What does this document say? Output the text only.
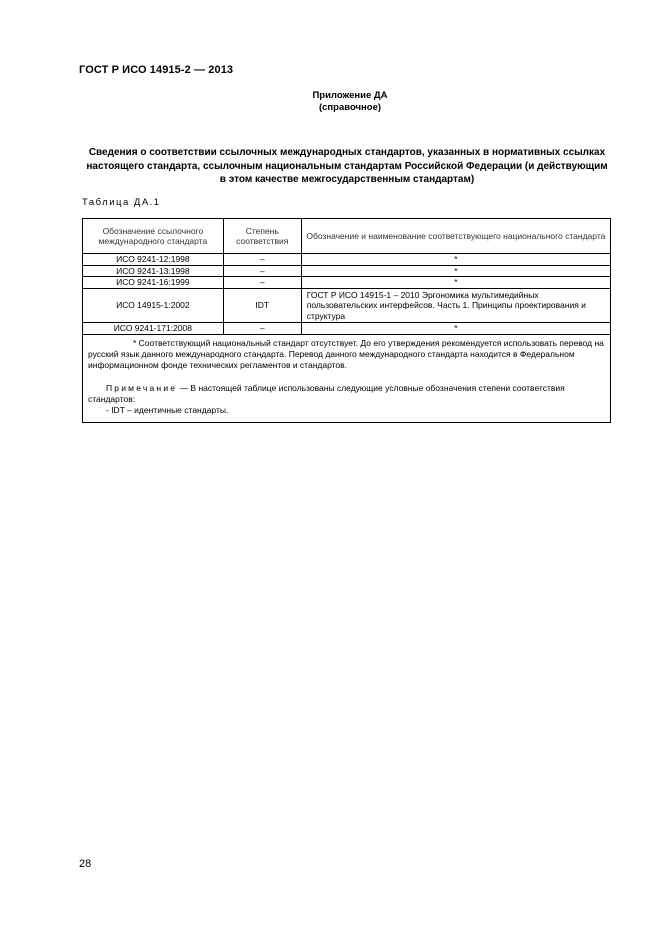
ГОСТ Р ИСО 14915-2 — 2013
Приложение ДА
(справочное)
Сведения о соответствии ссылочных международных стандартов, указанных в нормативных ссылках настоящего стандарта, ссылочным национальным стандартам Российской Федерации (и действующим в этом качестве межгосударственным стандартам)
Таблица ДА.1
Обозначение ссылочного международного стандарта	Степень соответствия	Обозначение и наименование соответствующего национального стандарта
ИСО 9241-12:1998	–	*
ИСО 9241-13:1998	–	*
ИСО 9241-16:1999	–	*
ИСО 14915-1:2002	IDT	ГОСТ Р ИСО 14915-1 – 2010 Эргономика мультимедийных пользовательских интерфейсов. Часть 1. Принципы проектирования и структура
ИСО 9241-171:2008	–	*

* Соответствующий национальный стандарт отсутствует. До его утверждения рекомендуется использовать перевод на русский язык данного международного стандарта. Перевод данного международного стандарта находится в Федеральном информационном фонде технических регламентов и стандартов.
Примечание — В настоящей таблице использованы следующие условные обозначения степени соответствия стандартов:
- IDT – идентичные стандарты.		
28
